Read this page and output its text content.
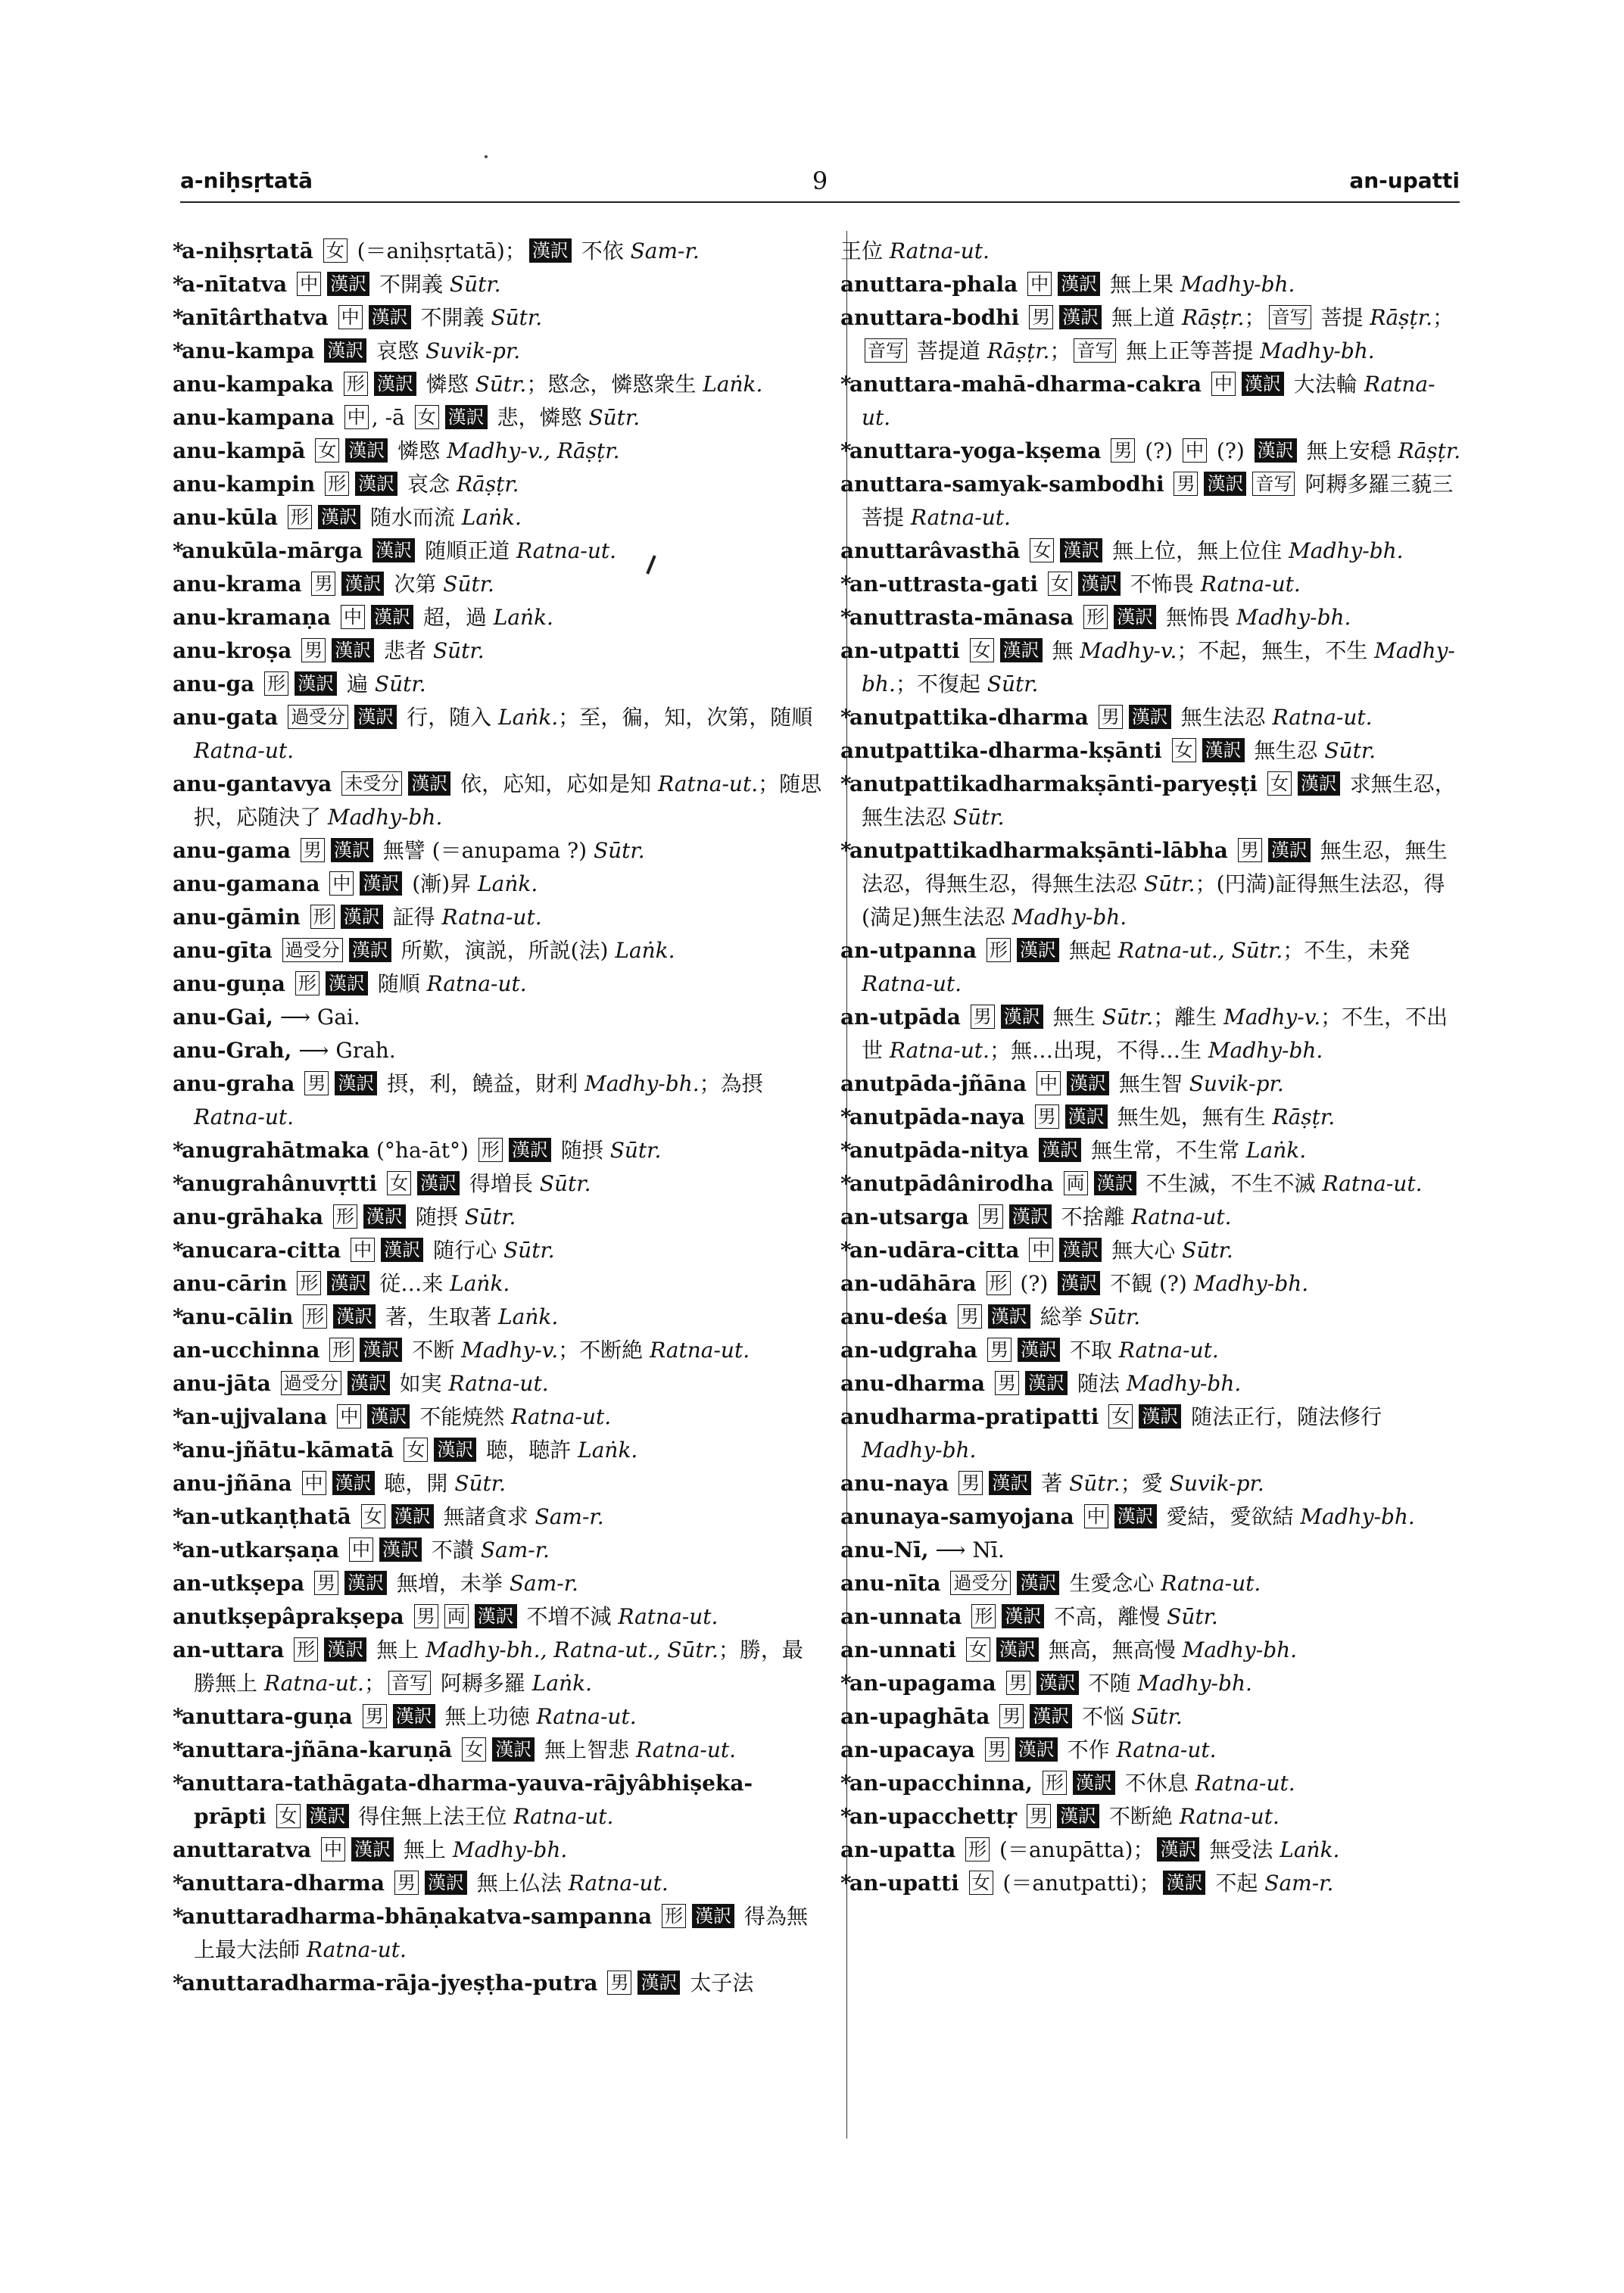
a-niḥsṛtatā	9	an-upatti

*a-niḥsṛtatā 女 (＝aniḥsṛtatā)； 漢訳 不依 Sam-r.

*a-nītatva 中 漢訳 不開義 Sūtr.

*anītârthatva 中 漢訳 不開義 Sūtr.

*anu-kampa 漢訳 哀愍 Suvik-pr.

anu-kampaka 形 漢訳 憐愍 Sūtr.；愍念，憐愍衆生 Laṅk.

anu-kampana 中 , -ā 女 漢訳 悲，憐愍 Sūtr.

anu-kampā 女 漢訳 憐愍 Madhy-v., Rāṣṭr.

anu-kampin 形 漢訳 哀念 Rāṣṭr.

anu-kūla 形 漢訳 随水而流 Laṅk.

*anukūla-mārga 漢訳 随順正道 Ratna-ut.

anu-krama 男 漢訳 次第 Sūtr.

anu-kramaṇa 中 漢訳 超，過 Laṅk.

anu-kroṣa 男 漢訳 悲者 Sūtr.

anu-ga 形 漢訳 遍 Sūtr.

anu-gata 過受分 漢訳 行，随入 Laṅk.；至，徧，知，次第，随順 Ratna-ut.

anu-gantavya 未受分 漢訳 依，応知，応如是知 Ratna-ut.；随思択，応随決了 Madhy-bh.

anu-gama 男 漢訳 無譬 (＝anupama ?) Sūtr.

anu-gamana 中 漢訳 (漸)昇 Laṅk.

anu-gāmin 形 漢訳 証得 Ratna-ut.

anu-gīta 過受分 漢訳 所歎，演説，所説(法) Laṅk.

anu-guṇa 形 漢訳 随順 Ratna-ut.

anu-Gai, ⟶ Gai.

anu-Grah, ⟶ Grah.

anu-graha 男 漢訳 摂，利，饒益，財利 Madhy-bh.；為摂 Ratna-ut.

*anugrahātmaka (°ha-āt°) 形 漢訳 随摂 Sūtr.

*anugrahânuvṛtti 女 漢訳 得増長 Sūtr.

anu-grāhaka 形 漢訳 随摂 Sūtr.

*anucara-citta 中 漢訳 随行心 Sūtr.

anu-cārin 形 漢訳 従…来 Laṅk.

*anu-cālin 形 漢訳 著，生取著 Laṅk.

an-ucchinna 形 漢訳 不断 Madhy-v.；不断絶 Ratna-ut.

anu-jāta 過受分 漢訳 如実 Ratna-ut.

*an-ujjvalana 中 漢訳 不能焼然 Ratna-ut.

*anu-jñātu-kāmatā 女 漢訳 聴，聴許 Laṅk.

anu-jñāna 中 漢訳 聴，開 Sūtr.

*an-utkaṇṭhatā 女 漢訳 無諸貪求 Sam-r.

*an-utkarṣaṇa 中 漢訳 不讃 Sam-r.

an-utkṣepa 男 漢訳 無増，未挙 Sam-r.

anutkṣepâprakṣepa 男 両 漢訳 不増不減 Ratna-ut.

an-uttara 形 漢訳 無上 Madhy-bh., Ratna-ut., Sūtr.；勝，最勝無上 Ratna-ut.； 音写 阿耨多羅 Laṅk.

*anuttara-guṇa 男 漢訳 無上功徳 Ratna-ut.

*anuttara-jñāna-karuṇā 女 漢訳 無上智悲 Ratna-ut.

*anuttara-tathāgata-dharma-yauva-rājyâbhiṣeka-prāpti 女 漢訳 得住無上法王位 Ratna-ut.

anuttaratva 中 漢訳 無上 Madhy-bh.

*anuttara-dharma 男 漢訳 無上仏法 Ratna-ut.

*anuttaradharma-bhāṇakatva-sampanna 形 漢訳 得為無上最大法師 Ratna-ut.

*anuttaradharma-rāja-jyeṣṭha-putra 男 漢訳 太子法

王位 Ratna-ut.

anuttara-phala 中 漢訳 無上果 Madhy-bh.

anuttara-bodhi 男 漢訳 無上道 Rāṣṭr.； 音写 菩提 Rāṣṭr.；音写 菩提道 Rāṣṭr.； 音写 無上正等菩提 Madhy-bh.

*anuttara-mahā-dharma-cakra 中 漢訳 大法輪 Ratna-ut.

*anuttara-yoga-kṣema 男 (?) 中 (?) 漢訳 無上安穏 Rāṣṭr.

anuttara-samyak-sambodhi 男 漢訳 音写 阿耨多羅三藐三菩提 Ratna-ut.

anuttarâvasthā 女 漢訳 無上位，無上位住 Madhy-bh.

*an-uttrasta-gati 女 漢訳 不怖畏 Ratna-ut.

*anuttrasta-mānasa 形 漢訳 無怖畏 Madhy-bh.

an-utpatti 女 漢訳 無 Madhy-v.；不起，無生，不生 Madhy-bh.；不復起 Sūtr.

*anutpattika-dharma 男 漢訳 無生法忍 Ratna-ut.

anutpattika-dharma-kṣānti 女 漢訳 無生忍 Sūtr.

*anutpattikadharmakṣānti-paryeṣṭi 女 漢訳 求無生忍，無生法忍 Sūtr.

*anutpattikadharmakṣānti-lābha 男 漢訳 無生忍，無生法忍，得無生忍，得無生法忍 Sūtr.；(円満)証得無生法忍，得(満足)無生法忍 Madhy-bh.

an-utpanna 形 漢訳 無起 Ratna-ut., Sūtr.；不生，未発 Ratna-ut.

an-utpāda 男 漢訳 無生 Sūtr.；離生 Madhy-v.；不生，不出世 Ratna-ut.；無…出現，不得…生 Madhy-bh.

anutpāda-jñāna 中 漢訳 無生智 Suvik-pr.

*anutpāda-naya 男 漢訳 無生処，無有生 Rāṣṭr.

*anutpāda-nitya 漢訳 無生常，不生常 Laṅk.

*anutpādânirodha 両 漢訳 不生滅，不生不滅 Ratna-ut.

an-utsarga 男 漢訳 不捨離 Ratna-ut.

*an-udāra-citta 中 漢訳 無大心 Sūtr.

an-udāhāra 形 (?) 漢訳 不観 (?) Madhy-bh.

anu-deśa 男 漢訳 総挙 Sūtr.

an-udgraha 男 漢訳 不取 Ratna-ut.

anu-dharma 男 漢訳 随法 Madhy-bh.

anudharma-pratipatti 女 漢訳 随法正行，随法修行 Madhy-bh.

anu-naya 男 漢訳 著 Sūtr.；愛 Suvik-pr.

anunaya-samyojana 中 漢訳 愛結，愛欲結 Madhy-bh.

anu-Nī, ⟶ Nī.

anu-nīta 過受分 漢訳 生愛念心 Ratna-ut.

an-unnata 形 漢訳 不高，離慢 Sūtr.

an-unnati 女 漢訳 無高，無高慢 Madhy-bh.

*an-upagama 男 漢訳 不随 Madhy-bh.

an-upaghāta 男 漢訳 不悩 Sūtr.

an-upacaya 男 漢訳 不作 Ratna-ut.

*an-upacchinna, 形 漢訳 不休息 Ratna-ut.

*an-upacchettṛ 男 漢訳 不断絶 Ratna-ut.

an-upatta 形 (＝anupātta)； 漢訳 無受法 Laṅk.

*an-upatti 女 (＝anutpatti)； 漢訳 不起 Sam-r.
